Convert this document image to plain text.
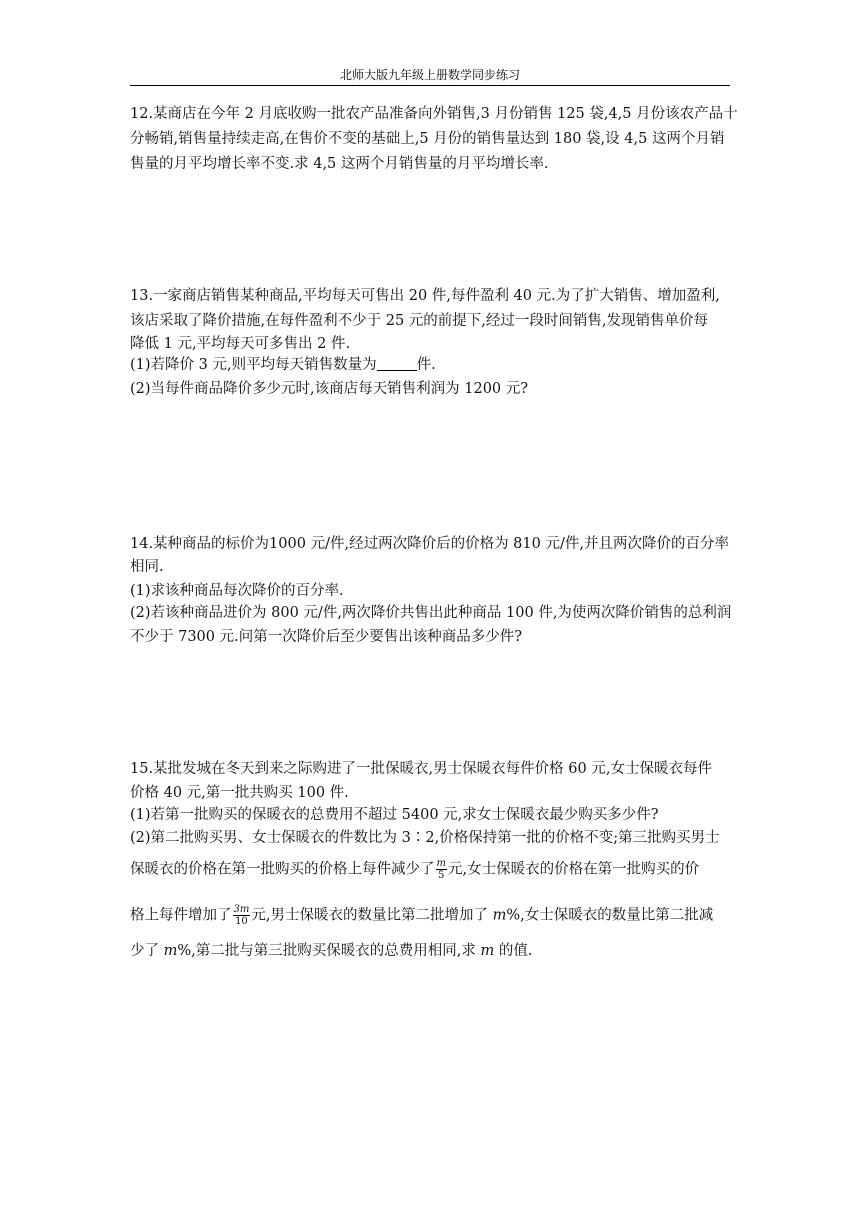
北师大版九年级上册数学同步练习
12.某商店在今年 2 月底收购一批农产品准备向外销售,3 月份销售 125 袋,4,5 月份该农产品十
分畅销,销售量持续走高,在售价不变的基础上,5 月份的销售量达到 180 袋,设 4,5 这两个月销
售量的月平均增长率不变.求 4,5 这两个月销售量的月平均增长率.
13.一家商店销售某种商品,平均每天可售出 20 件,每件盈利 40 元.为了扩大销售、增加盈利,
该店采取了降价措施,在每件盈利不少于 25 元的前提下,经过一段时间销售,发现销售单价每
降低 1 元,平均每天可多售出 2 件.
(1)若降价 3 元,则平均每天销售数量为	件.
(2)当每件商品降价多少元时,该商店每天销售利润为 1200 元?
14.某种商品的标价为1000 元/件,经过两次降价后的价格为 810 元/件,并且两次降价的百分率
相同.
(1)求该种商品每次降价的百分率.
(2)若该种商品进价为 800 元/件,两次降价共售出此种商品 100 件,为使两次降价销售的总利润
不少于 7300 元.问第一次降价后至少要售出该种商品多少件?
15.某批发城在冬天到来之际购进了一批保暖衣,男士保暖衣每件价格 60 元,女士保暖衣每件
价格 40 元,第一批共购买 100 件.
(1)若第一批购买的保暖衣的总费用不超过 5400 元,求女士保暖衣最少购买多少件?
(2)第二批购买男、女士保暖衣的件数比为 3∶2,价格保持第一批的价格不变;第三批购买男士
保暖衣的价格在第一批购买的价格上每件减少了 $\frac{m}{5}$ 元,女士保暖衣的价格在第一批购买的价
格上每件增加了 $\frac{3m}{10}$ 元,男士保暖衣的数量比第二批增加了 m%,女士保暖衣的数量比第二批减
少了 m%,第二批与第三批购买保暖衣的总费用相同,求 m 的值.
